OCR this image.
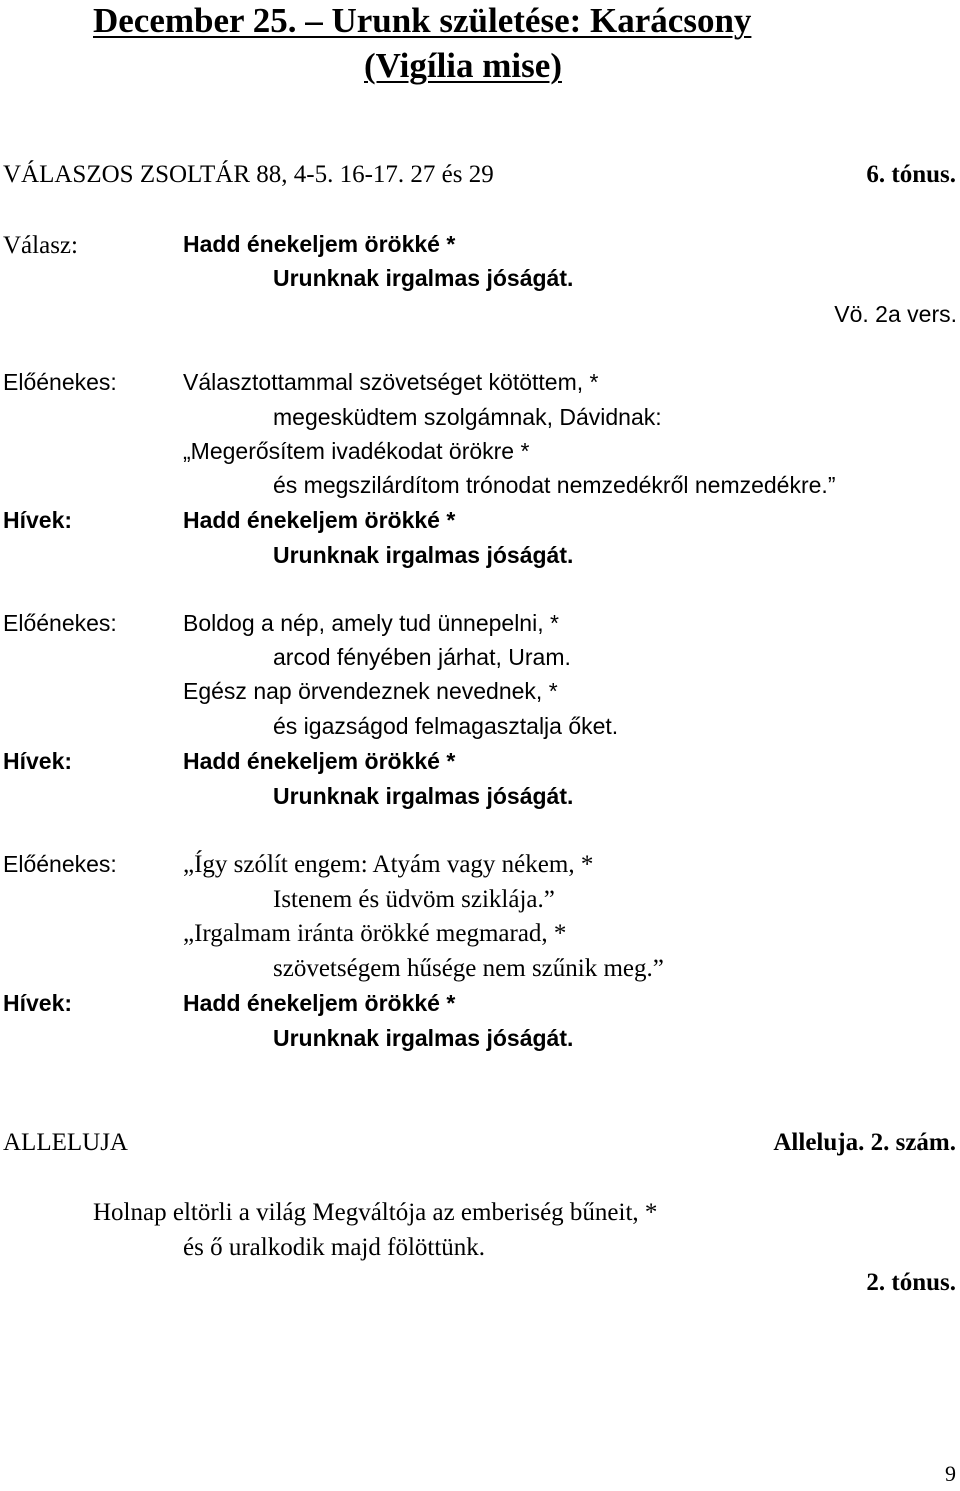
December 25. – Urunk születése: Karácsony
(Vigília mise)
VÁLASZOS ZSOLTÁR 88, 4-5. 16-17. 27 és 29	6. tónus.
Válasz:	Hadd énekeljem örökké *
Urunknak irgalmas jóságát.
Vö. 2a vers.
Előénekes:	Választottammal szövetséget kötöttem, *
megesküdtem szolgámnak, Dávidnak:
„Megerősítem ivadékodat örökre *
és megszilárdítom trónodat nemzedékről nemzedékre.”
Hívek:	Hadd énekeljem örökké *
Urunknak irgalmas jóságát.
Előénekes:	Boldog a nép, amely tud ünnepelni, *
arcod fényében járhat, Uram.
Egész nap örvendeznek nevednek, *
és igazságod felmagasztalja őket.
Hívek:	Hadd énekeljem örökké *
Urunknak irgalmas jóságát.
Előénekes:	„Így szólít engem: Atyám vagy nékem, *
Istenem és üdvöm sziklája.”
„Irgalmam iránta örökké megmarad, *
szövetségem hűsége nem szűnik meg.”
Hívek:	Hadd énekeljem örökké *
Urunknak irgalmas jóságát.
ALLELUJA	Alleluja. 2. szám.
Holnap eltörli a világ Megváltója az emberiség bűneit, *
és ő uralkodik majd fölöttünk.
2. tónus.
9
